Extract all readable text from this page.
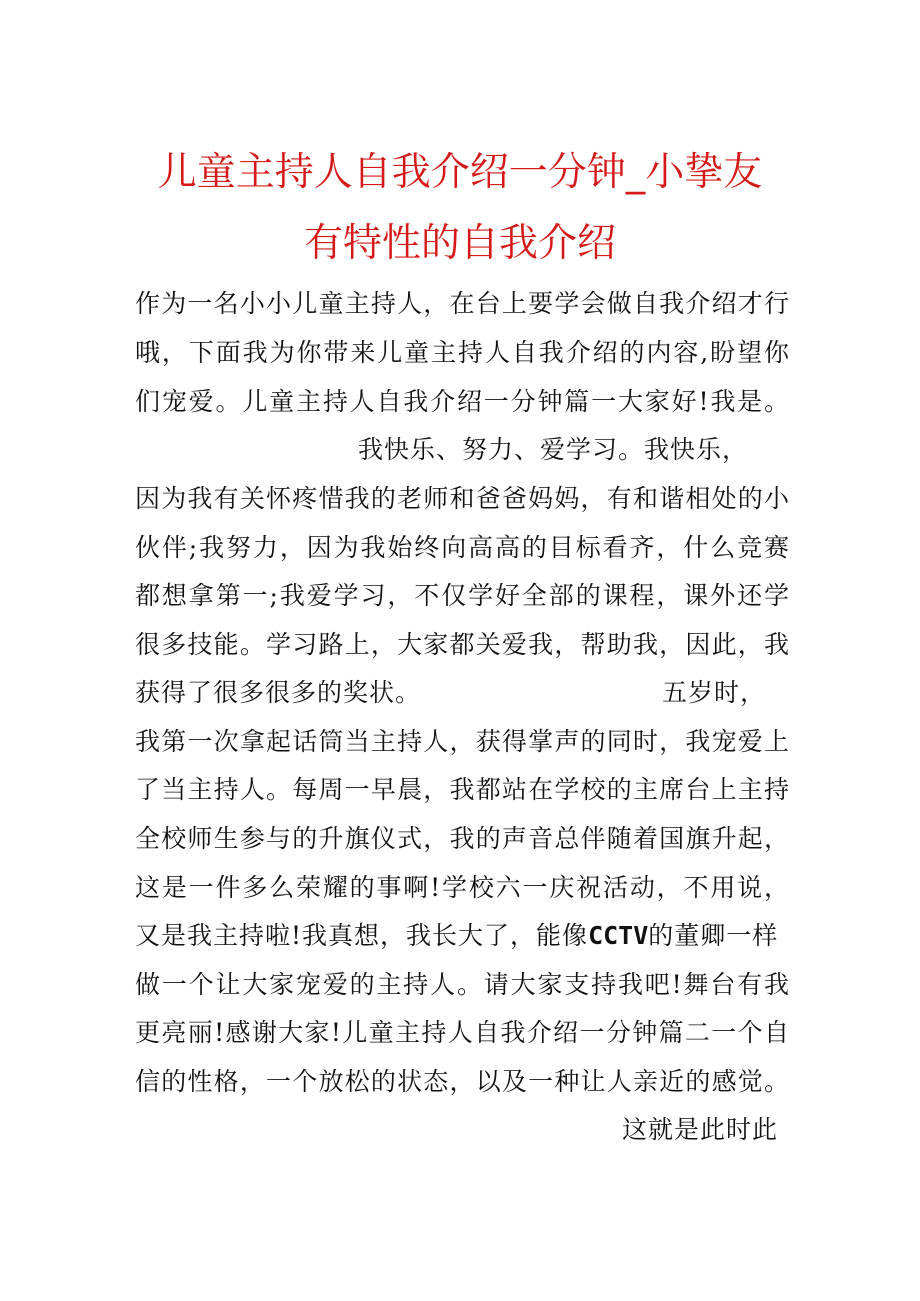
儿童主持人自我介绍一分钟_小挚友
有特性的自我介绍
作为一名小小儿童主持人，在台上要学会做自我介绍才行
哦，下面我为你带来儿童主持人自我介绍的内容,盼望你
们宠爱。儿童主持人自我介绍一分钟篇一大家好!我是。
我快乐、努力、爱学习。我快乐，
因为我有关怀疼惜我的老师和爸爸妈妈，有和谐相处的小
伙伴;我努力，因为我始终向高高的目标看齐，什么竞赛
都想拿第一;我爱学习，不仅学好全部的课程，课外还学
很多技能。学习路上，大家都关爱我，帮助我，因此，我
获得了很多很多的奖状。	五岁时，
我第一次拿起话筒当主持人，获得掌声的同时，我宠爱上
了当主持人。每周一早晨，我都站在学校的主席台上主持
全校师生参与的升旗仪式，我的声音总伴随着国旗升起，
这是一件多么荣耀的事啊!学校六一庆祝活动，不用说，
又是我主持啦!我真想，我长大了，能像CCTV的董卿一样
做一个让大家宠爱的主持人。请大家支持我吧!舞台有我
更亮丽!感谢大家!儿童主持人自我介绍一分钟篇二一个自
信的性格，一个放松的状态，以及一种让人亲近的感觉。
这就是此时此
